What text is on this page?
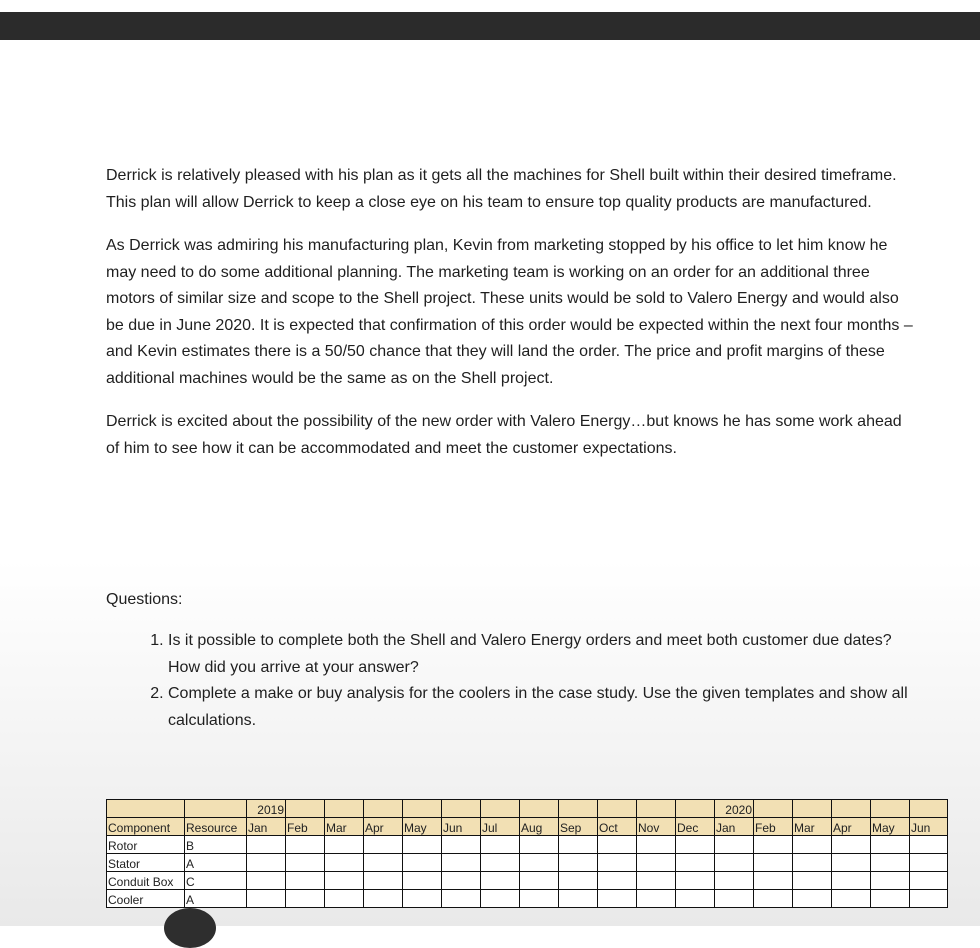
Derrick is relatively pleased with his plan as it gets all the machines for Shell built within their desired timeframe. This plan will allow Derrick to keep a close eye on his team to ensure top quality products are manufactured.

As Derrick was admiring his manufacturing plan, Kevin from marketing stopped by his office to let him know he may need to do some additional planning. The marketing team is working on an order for an additional three motors of similar size and scope to the Shell project. These units would be sold to Valero Energy and would also be due in June 2020. It is expected that confirmation of this order would be expected within the next four months – and Kevin estimates there is a 50/50 chance that they will land the order. The price and profit margins of these additional machines would be the same as on the Shell project.

Derrick is excited about the possibility of the new order with Valero Energy…but knows he has some work ahead of him to see how it can be accommodated and meet the customer expectations.

Questions:

1. Is it possible to complete both the Shell and Valero Energy orders and meet both customer due dates? How did you arrive at your answer?
2. Complete a make or buy analysis for the coolers in the case study. Use the given templates and show all calculations.
		2019												2020					
Component	Resource	Jan	Feb	Mar	Apr	May	Jun	Jul	Aug	Sep	Oct	Nov	Dec	Jan	Feb	Mar	Apr	May	Jun
Rotor	B																		
Stator	A																		
Conduit Box	C																		
Cooler	A																		
